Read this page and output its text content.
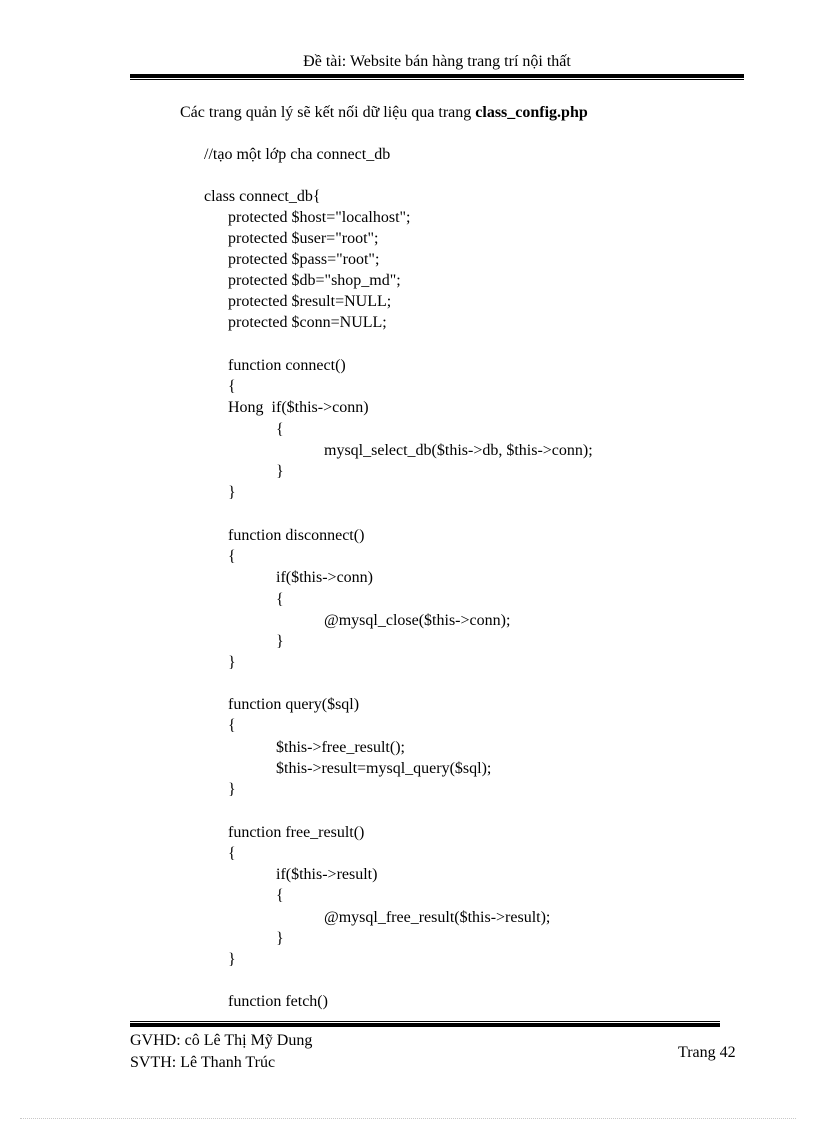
Đề tài: Website bán hàng trang trí nội thất
Các trang quản lý sẽ kết nối dữ liệu qua trang class_config.php
//tạo một lớp cha connect_db
class connect_db{
protected $host="localhost";
protected $user="root";
protected $pass="root";
protected $db="shop_md";
protected $result=NULL;
protected $conn=NULL;
function connect()
{
Hong  if($this->conn)
{
mysql_select_db($this->db, $this->conn);
}
}
function disconnect()
{
if($this->conn)
{
@mysql_close($this->conn);
}
}
function query($sql)
{
$this->free_result();
$this->result=mysql_query($sql);
}
function free_result()
{
if($this->result)
{
@mysql_free_result($this->result);
}
}
function fetch()
GVHD: cô Lê Thị Mỹ Dung
SVTH: Lê Thanh Trúc
Trang 42
